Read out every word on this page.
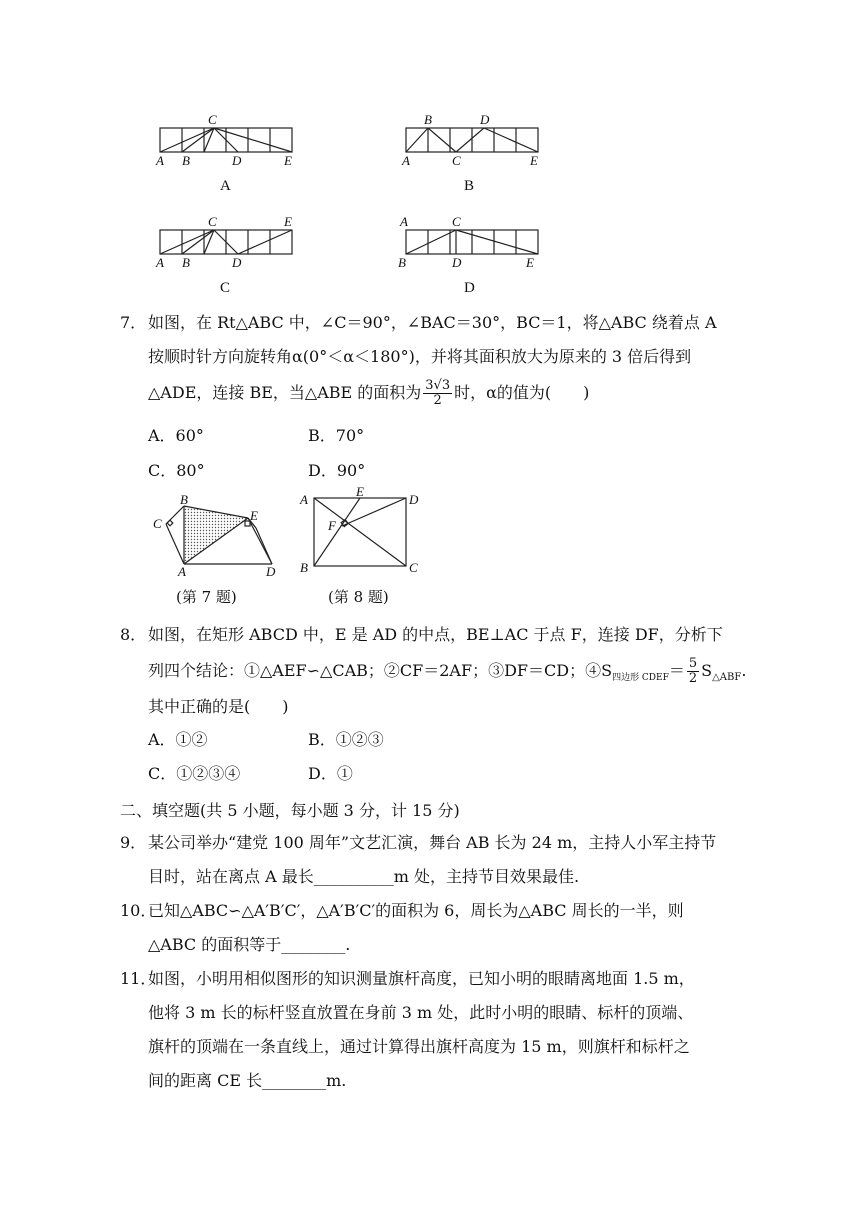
C
A B	D	E
A
B	D
A	C	E
B
C	E
A B	D
C
A	C
B	D	E
D
7． 如图，在 Rt△ABC 中，∠C＝90°，∠BAC＝30°，BC＝1，将△ABC 绕着点 A
按顺时针方向旋转角α(0°＜α＜180°)，并将其面积放大为原来的 3 倍后得到
△ADE，连接 BE，当△ABE 的面积为 $\frac{3√3}{2}$ 时，α的值为(　　)
A．60°	B．70°
C．80°	D．90°
B
C
E
A	D
(第 7 题)
A
E
D
F
B	C
(第 8 题)
8． 如图，在矩形 ABCD 中，E 是 AD 的中点，BE⊥AC 于点 F，连接 DF，分析下
列四个结论：①△AEF∽△CAB；②CF＝2AF；③DF＝CD；$④S_{四边形 CDEF}= \frac{5}{2} S_{\triangle ABF}$.
其中正确的是(　　)
A．①②	B．①②③
C．①②③④	D．①
二、填空题(共 5 小题，每小题 3 分，计 15 分)
9． 某公司举办“建党 100 周年”文艺汇演，舞台 AB 长为 24 m，主持人小军主持节
目时，站在离点 A 最长__________m 处，主持节目效果最佳.
10．
已知△ABC∽△A′B′C′，△A′B′C′的面积为 6，周长为△ABC 周长的一半，则
△ABC 的面积等于________.
11．
如图，小明用相似图形的知识测量旗杆高度，已知小明的眼睛离地面 1.5 m，
他将 3 m 长的标杆竖直放置在身前 3 m 处，此时小明的眼睛、标杆的顶端、
旗杆的顶端在一条直线上，通过计算得出旗杆高度为 15 m，则旗杆和标杆之
间的距离 CE 长________m.
